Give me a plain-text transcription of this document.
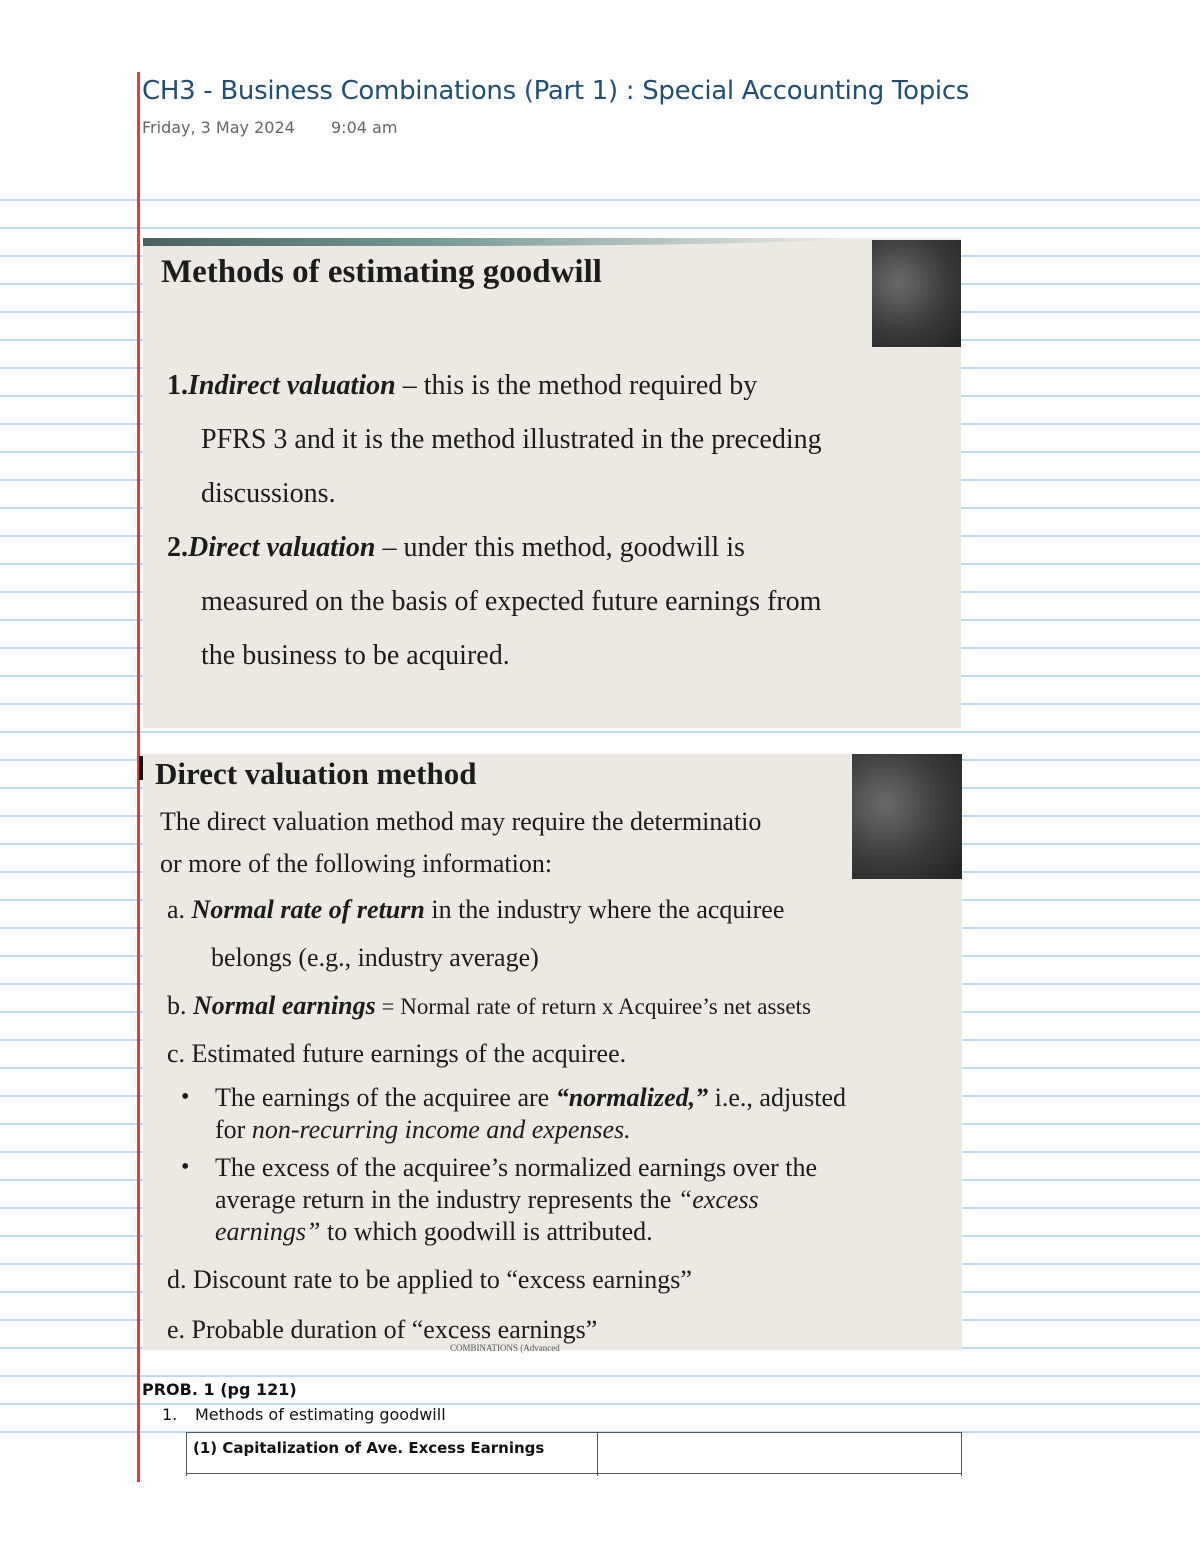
CH3 - Business Combinations (Part 1) : Special Accounting Topics
Friday, 3 May 2024 9:04 am
Methods of estimating goodwill
1.Indirect valuation – this is the method required by
PFRS 3 and it is the method illustrated in the preceding
discussions.
2.Direct valuation – under this method, goodwill is
measured on the basis of expected future earnings from
the business to be acquired.
Direct valuation method
The direct valuation method may require the determinatio
or more of the following information:
a. Normal rate of return in the industry where the acquiree
belongs (e.g., industry average)
b. Normal earnings = Normal rate of return x Acquiree’s net assets
c. Estimated future earnings of the acquiree.
• The earnings of the acquiree are “normalized,” i.e., adjusted
for non-recurring income and expenses.
• The excess of the acquiree’s normalized earnings over the
average return in the industry represents the “excess
earnings” to which goodwill is attributed.
d. Discount rate to be applied to “excess earnings”
e. Probable duration of “excess earnings”
COMBINATIONS (Advanced
PROB. 1 (pg 121)
1. Methods of estimating goodwill
(1) Capitalization of Ave. Excess Earnings	
